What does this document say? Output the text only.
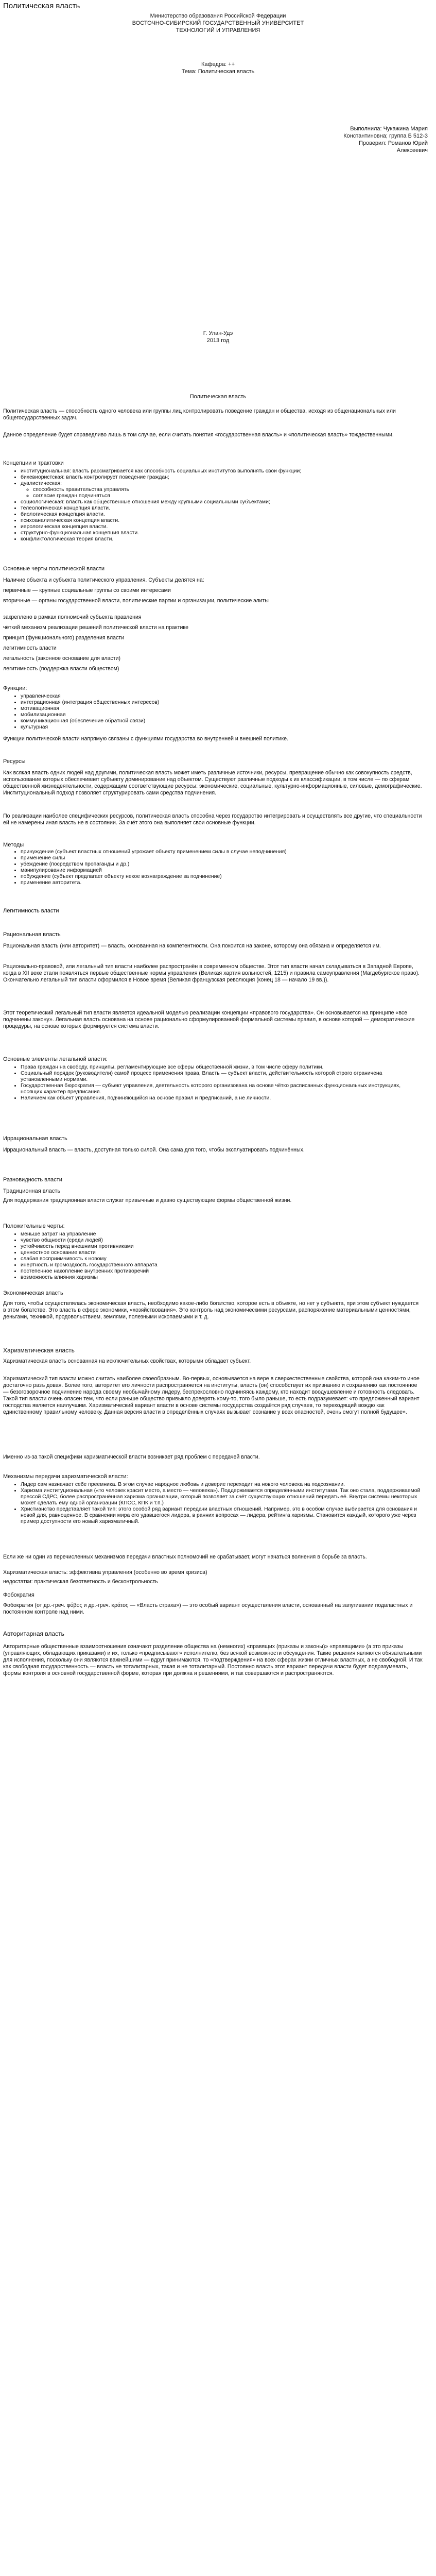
Политическая власть

Министерство образования Российской Федерации

ВОСТОЧНО-СИБИРСКИЙ ГОСУДАРСТВЕННЫЙ УНИВЕРСИТЕТ

ТЕХНОЛОГИЙ И УПРАВЛЕНИЯ

Кафедра: ++

Тема: Политическая власть

Выполнила: Чукажина Мария

Константиновна; группа Б 512-3

Проверил: Романов Юрий

Алексеевич

Г. Улан-Удэ

2013 год

Политическая власть

Политическая власть — способность одного человека или группы лиц контролировать поведение граждан и общества, исходя из общенациональных или общегосударственных задач.

Данное определение будет справедливо лишь в том случае, если считать понятия «государственная власть» и «политическая власть» тождественными.

Концепции и трактовки
• институциональная: власть рассматривается как способность социальных институтов выполнять свои функции;
• бихевиористская: власть контролирует поведение граждан;
• дуалистическая:
◦ способность правительства управлять
◦ согласие граждан подчиняться
• социологическая: власть как общественные отношения между крупными социальными субъектами;
• телеологическая концепция власти.
• биологическая концепция власти.
• психоаналитическая концепция власти.
• иерологическая концепция власти.
• структурно-функциональная концепция власти.
• конфликтологическая теория власти.
Основные черты политической власти

Наличие объекта и субъекта политического управления. Субъекты делятся на:

первичные — крупные социальные группы со своими интересами

вторичные — органы государственной власти, политические партии и организации, политические элиты

закреплено в рамках полномочий субъекта правления

чёткий механизм реализации решений политической власти на практике

принцип (функционального) разделения власти

легитимность власти

легальность (законное основание для власти)

легитимность (поддержка власти обществом)

Функции:
• управленческая
• интеграционная (интеграция общественных интересов)
• мотивационная
• мобилизационная
• коммуникационная (обеспечение обратной связи)
• культурная

Функции политической власти напрямую связаны с функциями государства во внутренней и внешней политике.

Ресурсы

Как всякая власть одних людей над другими, политическая власть может иметь различные источники, ресурсы, превращение обычно как совокупность средств, использование которых обеспечивает субъекту доминирование над объектом. Существуют различные подходы к их классификации, в том числе — по сферам общественной жизнедеятельности, содержащим соответствующие ресурсы: экономические, социальные, культурно-информационные, силовые, демографические. Институциональный подход позволяет структурировать сами средства подчинения.

По реализации наиболее специфических ресурсов, политическая власть способна через государство интегрировать и осуществлять все другие, что специальности ей не намерены иная власть не в состоянии. За счёт этого она выполняет свои основные функции.

Методы
• принуждение (субъект властных отношений угрожает объекту применением силы в случае неподчинения)
• применение силы
• убеждение (посредством пропаганды и др.)
• манипулирование информацией
• побуждение (субъект предлагает объекту некое вознаграждение за подчинение)
• применение авторитета.
Легитимность власти
Рациональная власть

Рациональная власть (или авторитет) — власть, основанная на компетентности. Она покоится на законе, которому она обязана и определяется им.

Рационально-правовой, или легальный тип власти наиболее распространён в современном обществе. Этот тип власти начал складываться в Западной Европе, когда в XII веке стали появляться первые общественные нормы управления (Великая хартия вольностей, 1215) и правила самоуправления (Магдебургское право). Окончательно легальный тип власти оформился в Новое время (Великая французская революция (конец 18 — начало 19 вв.)).

Этот теоретический легальный тип власти является идеальной моделью реализации концепции «правового государства». Он основывается на принципе «все подчинены закону». Легальная власть основана на основе рационально сформулированной формальной системы правил, в основе которой — демократические процедуры, на основе которых формируется система власти.

Основные элементы легальной власти:
• Права граждан на свободу, принципы, регламентирующие все сферы общественной жизни, в том числе сферу политики.
• Социальный порядок (руководители) самой процесс применения права, Власть — субъект власти, действительность которой строго ограничена установленными нормами.
• Государственная бюрократия — субъект управления, деятельность которого организована на основе чётко расписанных функциональных инструкциях, носящих характер предписания.
• Наличием как объект управления, подчиняющийся на основе правил и предписаний, а не личности.
Иррациональная власть

Иррациональный власть — власть, доступная только силой. Она сама для того, чтобы эксплуатировать подчинённых.

Разновидность власти
Традиционная власть

Для поддержания традиционная власти служат привычные и давно существующие формы общественной жизни.

Положительные черты:
• меньше затрат на управление
• чувство общности (среди людей)
• устойчивость перед внешними противниками
• ценностное основание власти
• слабая восприимчивость к новому
• инертность и громоздкость государственного аппарата
• постепенное накопление внутренних противоречий
• возможность влияния харизмы
Экономическая власть

Для того, чтобы осуществлялась экономическая власть, необходимо какое-либо богатство, которое есть в объекте, но нет у субъекта, при этом субъект нуждается в этом богатстве. Это власть в сфере экономики, «хозяйствования». Это контроль над экономическими ресурсами, распоряжение материальными ценностями, деньгами, техникой, продовольствием, землями, полезными ископаемыми и т. д.

Харизматическая власть

Харизматическая власть основанная на исключительных свойствах, которыми обладает субъект.

Харизматический тип власти можно считать наиболее своеобразным. Во-первых, основывается на вере в сверхестественные свойства, которой она каким-то иное достаточно разъ довая. Более того, авторитет его личности распространяется на институты, власть (он) способствует их признанию и сохранению как постоянное — безоговорочное подчинение народа своему необычайному лидеру, беспрекословно подчиняясь каждому, кто находит воодушевление и готовность следовать. Такой тип власти очень опасен тем, что если раньше общество привыкло доверять кому-то, того было раньше, то есть подразумевает: «то предложенный вариант господства является наилучшим. Харизматический вариант власти в основе системы государства создаётся ряд случаев, то переходящий вождю как единственному правильному человеку. Данная версия власти в определённых случаях вызывает сознание у всех опасностей, очень смогут полной будущее».

Именно из-за такой специфики харизматической власти возникает ряд проблем с передачей власти.

Механизмы передачи харизматической власти:
• Лидер сам назначает себе преемника. В этом случае народное любовь и доверие переходит на нового человека на подсознании.
• Харизма институциональная («то человек красит место, а место — человека»). Поддерживается определёнными институтами. Так оно стала, поддерживаемой прессой СДРС, более распространённая харизма организации, который позволяет за счёт существующих отношений передать её. Внутри системы некоторых может сделать ему одной организации (КПСС, КПК и т.п.)
• Христианство представляет такой тип: этого особой ряд вариант передачи властных отношений. Например, это в особом случае выбирается для основания и новой для, равноценное. В сравнении мира его удавшегося лидера, в ранних вопросах — лидера, рейтинга харизмы. Становится каждый, которого уже через пример доступности его новый харизматичный.

Если же ни один из перечисленных механизмов передачи властных полномочий не срабатывает, могут начаться волнения в борьбе за власть.

Харизматическая власть: эффективна управления (особенно во время кризиса)

недостатки: практическая безответность и бесконтрольность

Фобократия

Фобократия (от др.-греч. φόβος и др.-греч. κράτος — «Власть страха») — это особый вариант осуществления власти, основанный на запугивании подвластных и постоянном контроле над ними.

Авторитарная власть

Авторитарные общественные взаимоотношения означают разделение общества на (немногих) «правящих (приказы и законы)» «правящими» (а это приказы (управляющих, обладающих приказами) и их, только «предписывают» исполнителю, без всякой возможности обсуждения. Такие решения являются обязательными для исполнения, поскольку они являются важнейшими — вдруг принимаются, то «подтверждения» на всех сферах жизни отличных властных, а не свободной. И так как свободная государственность — власть не тоталитарных, такая и не тоталитарный. Постоянно власть этот вариант передачи власти будет подразумевать, формы контроля в основной государственной форме, которая при должна и решениями, и так совершаются и распространяются.
